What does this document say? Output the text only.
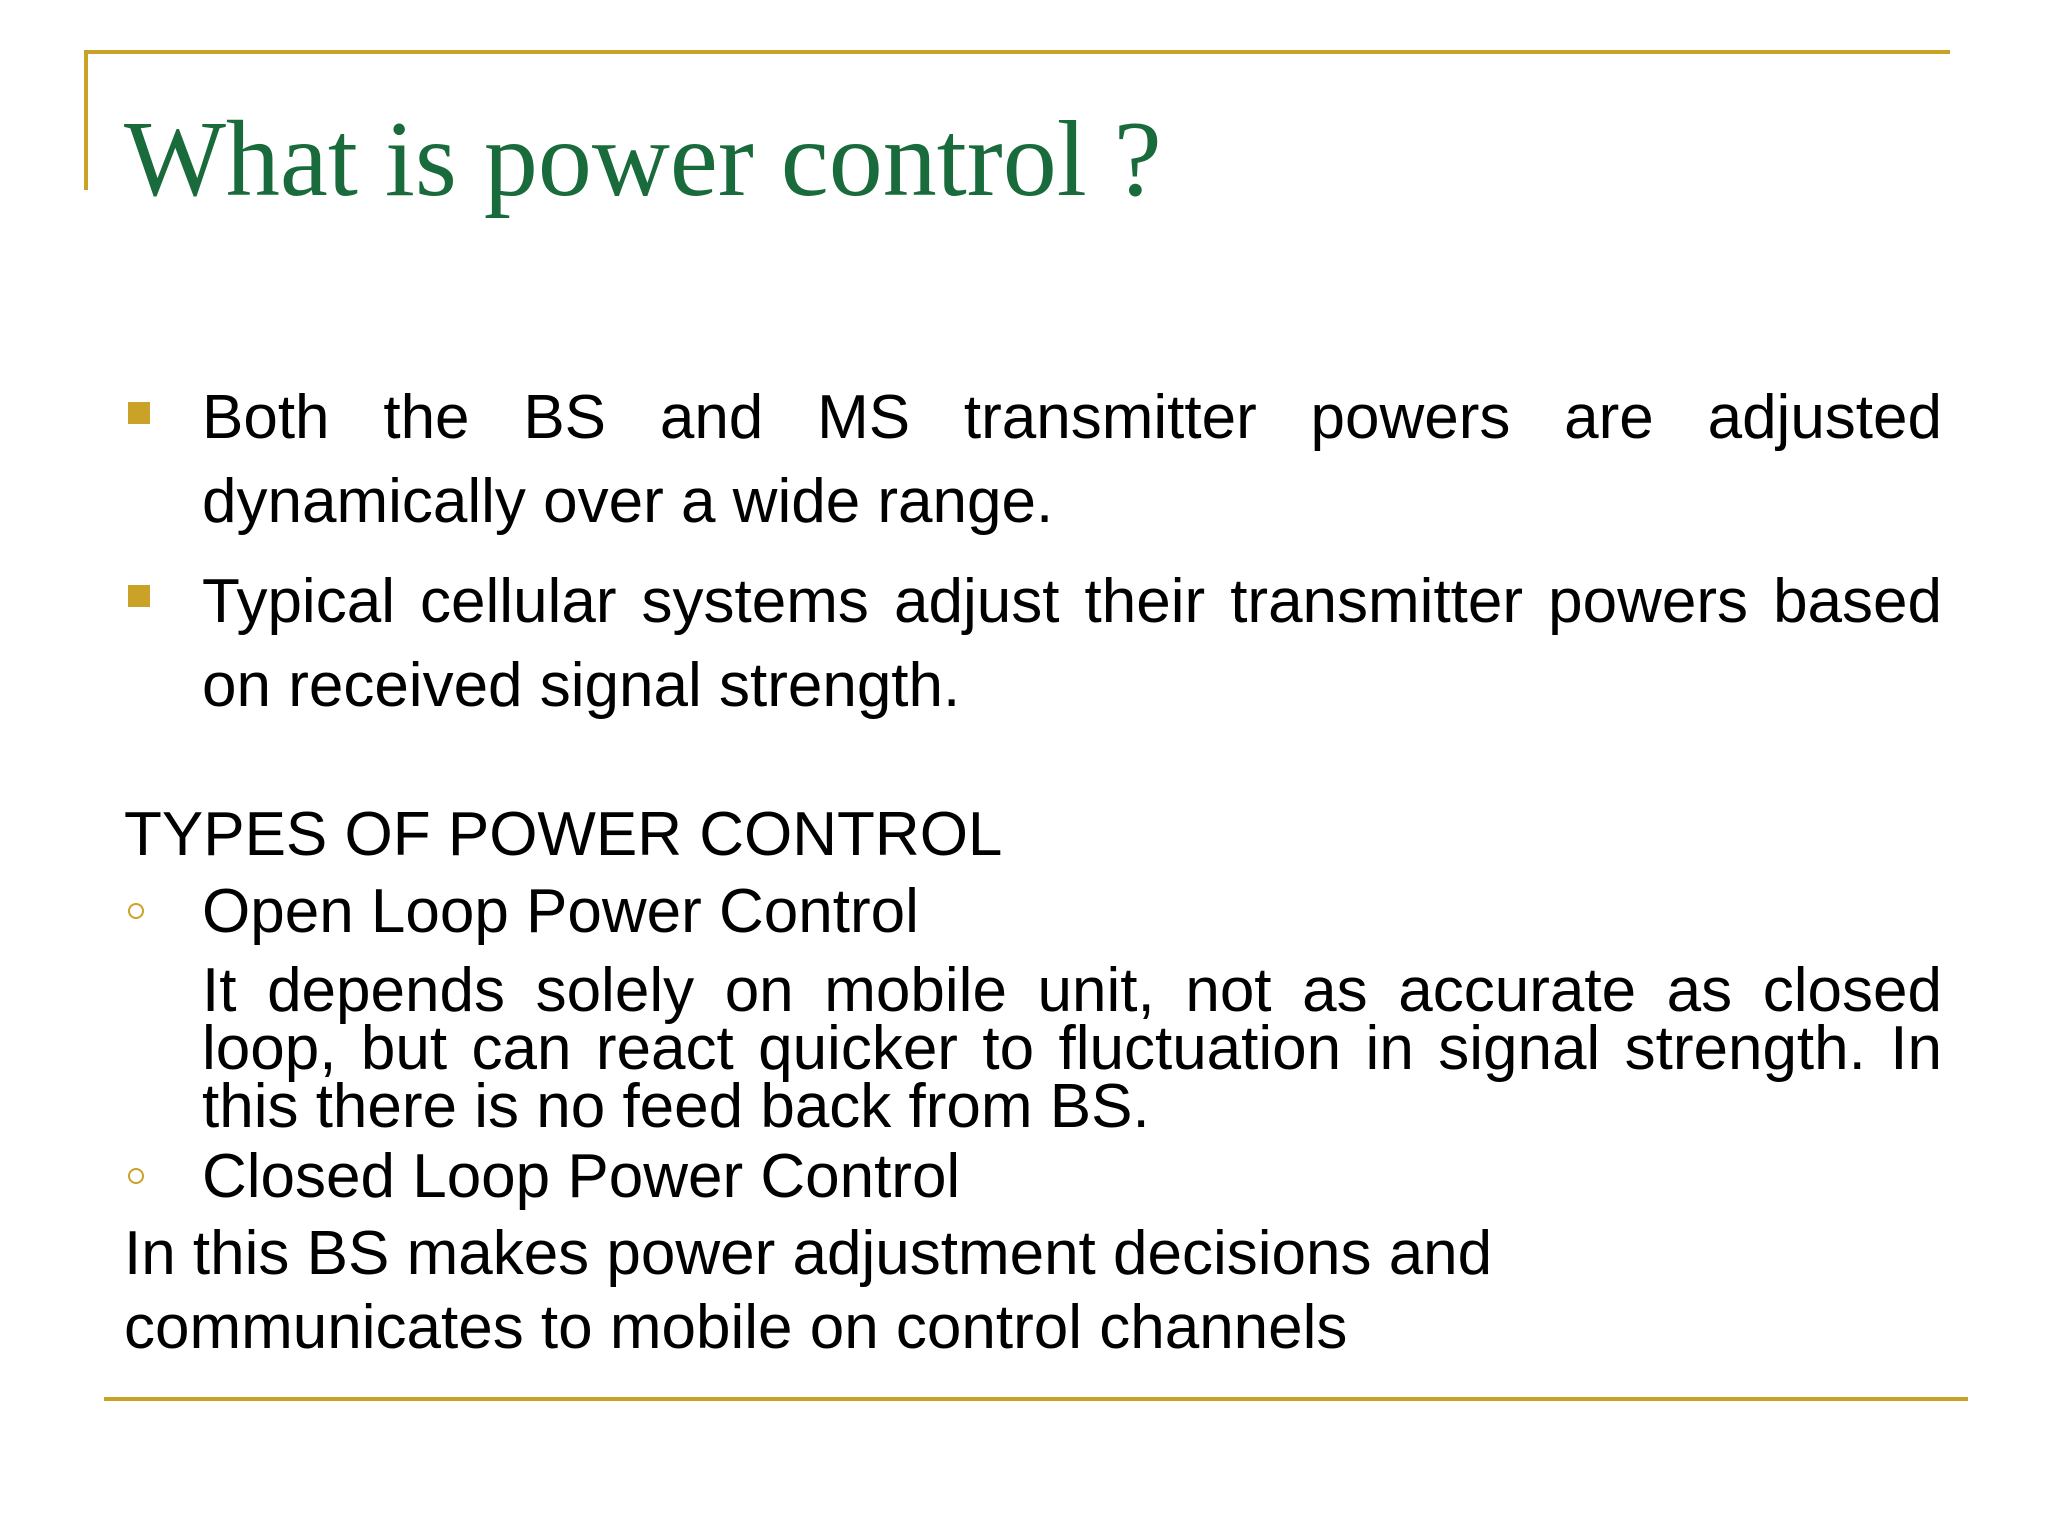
What is power control ?

Both the BS and MS transmitter powers are adjusted dynamically over a wide range.

Typical cellular systems adjust their transmitter powers based on received signal strength.

TYPES OF POWER CONTROL

Open Loop Power Control

It depends solely on mobile unit, not as accurate as closed loop, but can react quicker to fluctuation in signal strength. In this there is no feed back from BS.

Closed Loop Power Control

In this BS makes power adjustment decisions and

communicates to mobile on control channels
